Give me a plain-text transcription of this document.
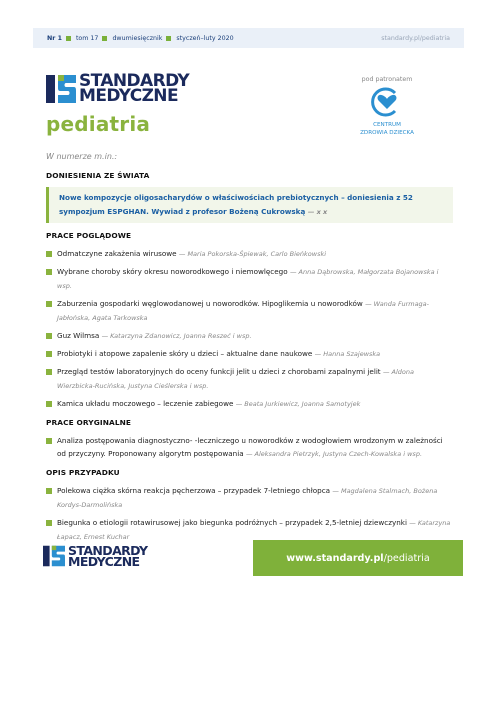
Nr 1 tom 17 dwumiesięcznik styczeń–luty 2020	standardy.pl/pediatria
STANDARDY
MEDYCZNE
pediatria
pod patronatem
CENTRUM
ZDROWIA DZIECKA
W numerze m.in.:
DONIESIENIA ZE ŚWIATA
Nowe kompozycje oligosacharydów o właściwościach prebiotycznych – doniesienia z 52 sympozjum ESPGHAN. Wywiad z profesor Bożeną Cukrowską — x x
PRACE POGLĄDOWE
Odmatczyne zakażenia wirusowe — Maria Pokorska-Śpiewak, Carlo Bieńkowski
Wybrane choroby skóry okresu noworodkowego i niemowlęcego — Anna Dąbrowska, Małgorzata Bojanowska i wsp.
Zaburzenia gospodarki węglowodanowej u noworodków. Hipoglikemia u noworodków — Wanda Furmaga-Jabłońska, Agata Tarkowska
Guz Wilmsa — Katarzyna Zdanowicz, Joanna Reszeć i wsp.
Probiotyki i atopowe zapalenie skóry u dzieci – aktualne dane naukowe — Hanna Szajewska
Przegląd testów laboratoryjnych do oceny funkcji jelit u dzieci z chorobami zapalnymi jelit — Aldona Wierzbicka-Rucińska, Justyna Cieślerska i wsp.
Kamica układu moczowego – leczenie zabiegowe — Beata Jurkiewicz, Joanna Samotyjek
PRACE ORYGINALNE
Analiza postępowania diagnostyczno- -leczniczego u noworodków z wodogłowiem wrodzonym w zależności od przyczyny. Proponowany algorytm postępowania — Aleksandra Pietrzyk, Justyna Czech-Kowalska i wsp.
OPIS PRZYPADKU
Polekowa ciężka skórna reakcja pęcherzowa – przypadek 7-letniego chłopca — Magdalena Stalmach, Bożena Kordys-Darmolińska
Biegunka o etiologii rotawirusowej jako biegunka podróżnych – przypadek 2,5-letniej dziewczynki — Katarzyna Łapacz, Ernest Kuchar
STANDARDY
MEDYCZNE	www.standardy.pl /pediatria
